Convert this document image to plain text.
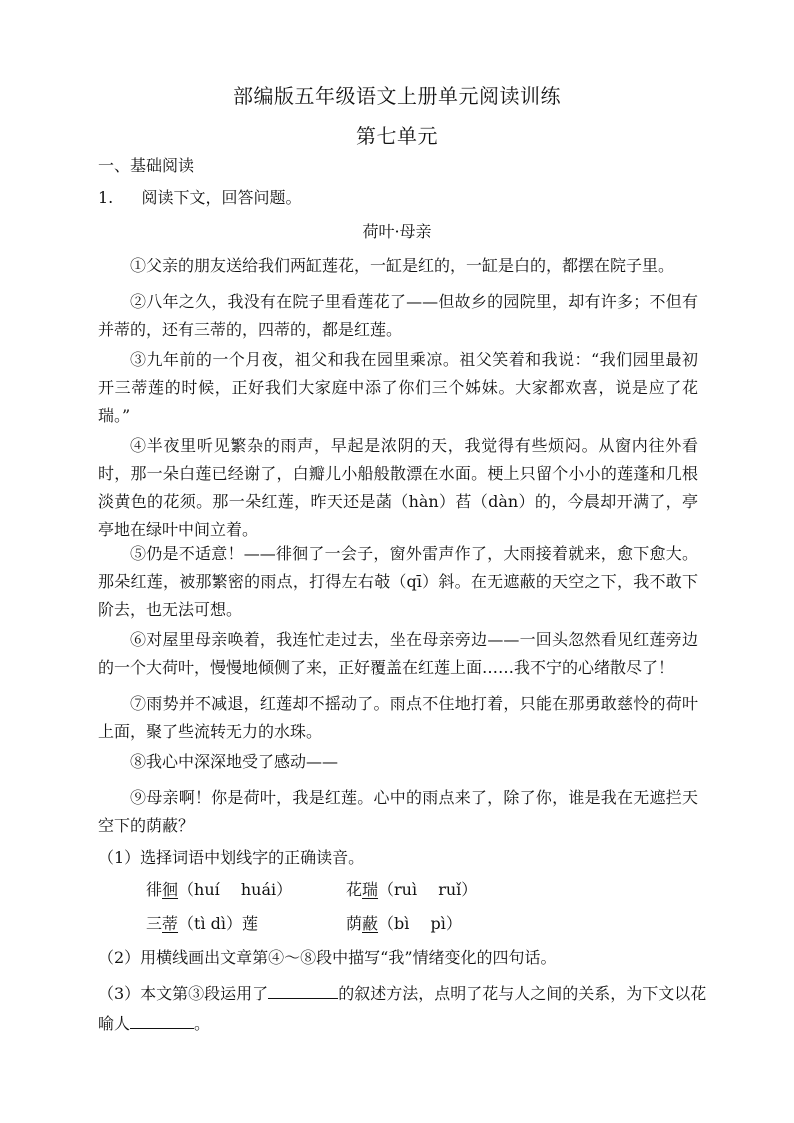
部编版五年级语文上册单元阅读训练
第七单元
一、基础阅读
1. 阅读下文，回答问题。
荷叶·母亲
①父亲的朋友送给我们两缸莲花，一缸是红的，一缸是白的，都摆在院子里。
②八年之久，我没有在院子里看莲花了——但故乡的园院里，却有许多；不但有并蒂的，还有三蒂的，四蒂的，都是红莲。
③九年前的一个月夜，祖父和我在园里乘凉。祖父笑着和我说：“我们园里最初开三蒂莲的时候，正好我们大家庭中添了你们三个姊妹。大家都欢喜，说是应了花瑞。”
④半夜里听见繁杂的雨声，早起是浓阴的天，我觉得有些烦闷。从窗内往外看时，那一朵白莲已经谢了，白瓣儿小船般散漂在水面。梗上只留个小小的莲蓬和几根淡黄色的花须。那一朵红莲，昨天还是菡（hàn）萏（dàn）的，今晨却开满了，亭亭地在绿叶中间立着。
⑤仍是不适意！——徘徊了一会子，窗外雷声作了，大雨接着就来，愈下愈大。那朵红莲，被那繁密的雨点，打得左右攲（qī）斜。在无遮蔽的天空之下，我不敢下阶去，也无法可想。
⑥对屋里母亲唤着，我连忙走过去，坐在母亲旁边——一回头忽然看见红莲旁边的一个大荷叶，慢慢地倾侧了来，正好覆盖在红莲上面……我不宁的心绪散尽了！
⑦雨势并不减退，红莲却不摇动了。雨点不住地打着，只能在那勇敢慈怜的荷叶上面，聚了些流转无力的水珠。
⑧我心中深深地受了感动——
⑨母亲啊！你是荷叶，我是红莲。心中的雨点来了，除了你，谁是我在无遮拦天空下的荫蔽？
（1）选择词语中划线字的正确读音。
徘徊（huí　 huái）	花瑞（ruì　 ruǐ）
三蒂（tì dì）莲	荫蔽（bì　 pì）
（2）用横线画出文章第④～⑧段中描写“我”情绪变化的四句话。
（3）本文第③段运用了	的叙述方法，点明了花与人之间的关系，为下文以花
喻人	。
